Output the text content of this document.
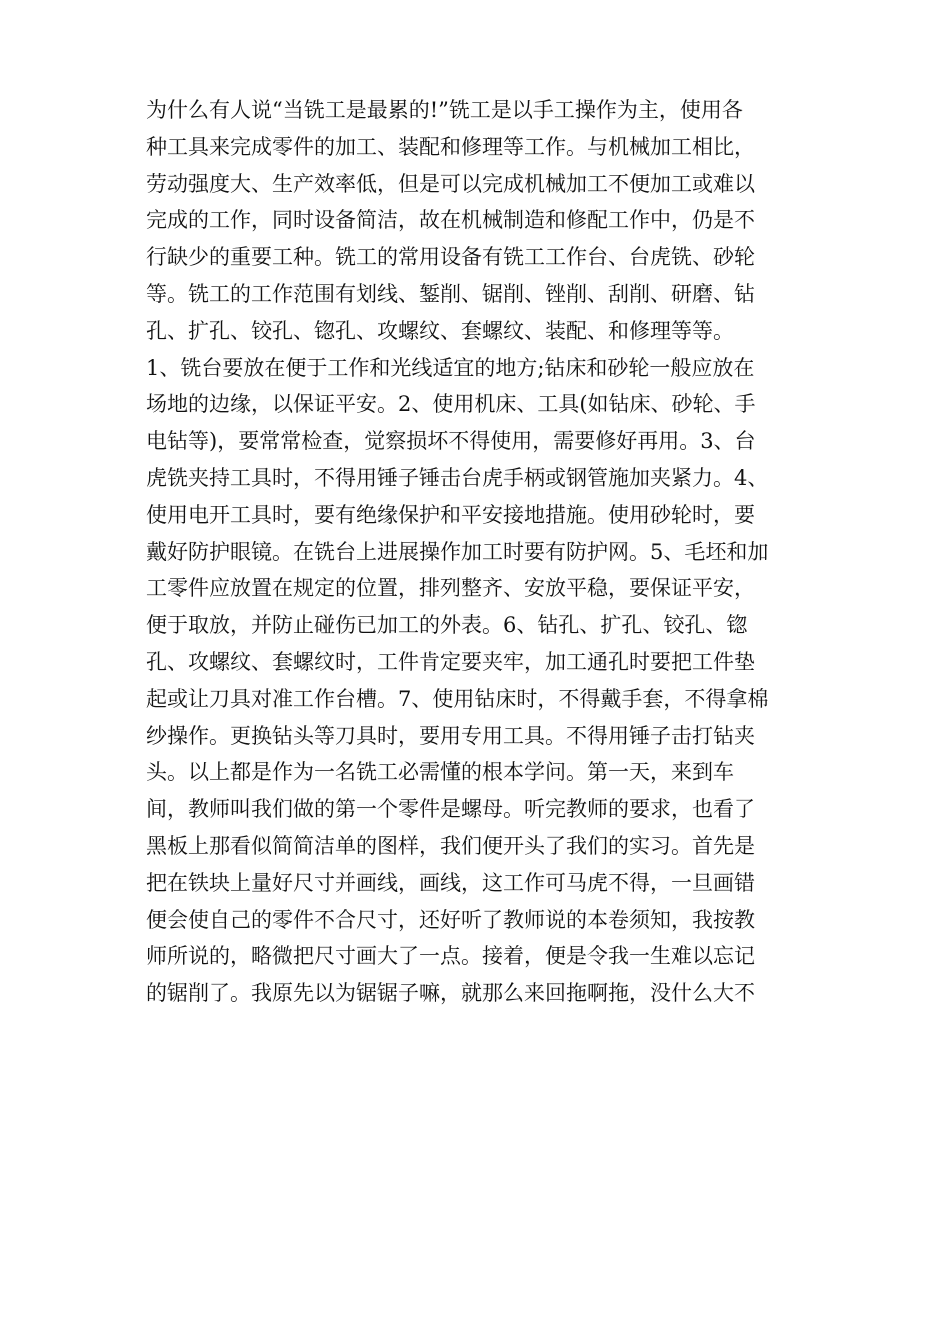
为什么有人说“当铣工是最累的!”铣工是以手工操作为主，使用各
种工具来完成零件的加工、装配和修理等工作。与机械加工相比，
劳动强度大、生产效率低，但是可以完成机械加工不便加工或难以
完成的工作，同时设备简洁，故在机械制造和修配工作中，仍是不
行缺少的重要工种。铣工的常用设备有铣工工作台、台虎铣、砂轮
等。铣工的工作范围有划线、錾削、锯削、锉削、刮削、研磨、钻
孔、扩孔、铰孔、锪孔、攻螺纹、套螺纹、装配、和修理等等。
1、铣台要放在便于工作和光线适宜的地方;钻床和砂轮一般应放在
场地的边缘，以保证平安。2、使用机床、工具(如钻床、砂轮、手
电钻等)，要常常检查，觉察损坏不得使用，需要修好再用。3、台
虎铣夹持工具时，不得用锤子锤击台虎手柄或钢管施加夹紧力。4、
使用电开工具时，要有绝缘保护和平安接地措施。使用砂轮时，要
戴好防护眼镜。在铣台上进展操作加工时要有防护网。5、毛坯和加
工零件应放置在规定的位置，排列整齐、安放平稳，要保证平安，
便于取放，并防止碰伤已加工的外表。6、钻孔、扩孔、铰孔、锪
孔、攻螺纹、套螺纹时，工件肯定要夹牢，加工通孔时要把工件垫
起或让刀具对准工作台槽。7、使用钻床时，不得戴手套，不得拿棉
纱操作。更换钻头等刀具时，要用专用工具。不得用锤子击打钻夹
头。以上都是作为一名铣工必需懂的根本学问。第一天，来到车
间，教师叫我们做的第一个零件是螺母。听完教师的要求，也看了
黑板上那看似简简洁单的图样，我们便开头了我们的实习。首先是
把在铁块上量好尺寸并画线，画线，这工作可马虎不得，一旦画错
便会使自己的零件不合尺寸，还好听了教师说的本卷须知，我按教
师所说的，略微把尺寸画大了一点。接着，便是令我一生难以忘记
的锯削了。我原先以为锯锯子嘛，就那么来回拖啊拖，没什么大不
